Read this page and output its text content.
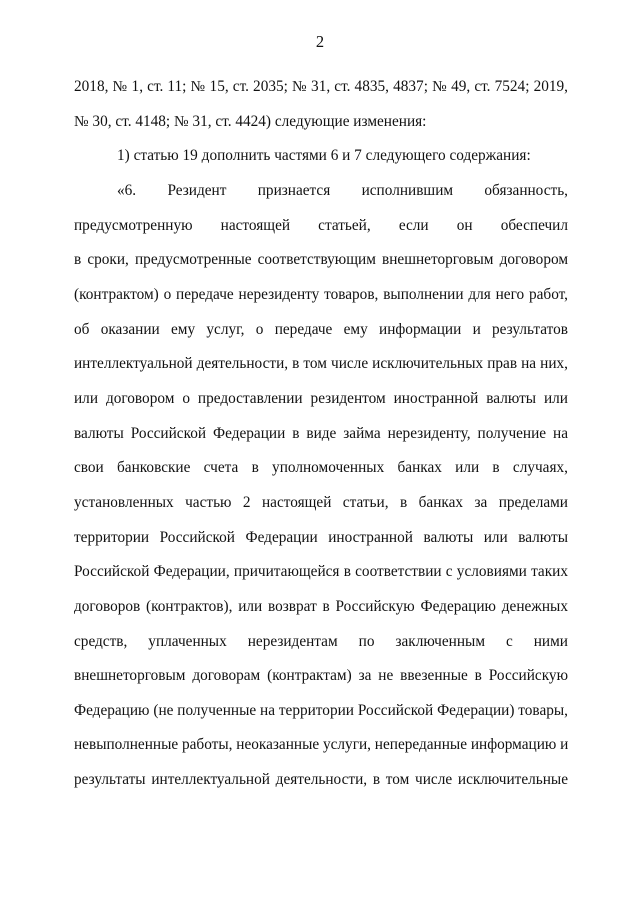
2
2018, № 1, ст. 11; № 15, ст. 2035; № 31, ст. 4835, 4837; № 49, ст. 7524; 2019,
№ 30, ст. 4148; № 31, ст. 4424) следующие изменения:
1) статью 19 дополнить частями 6 и 7 следующего содержания:
«6. Резидент признается исполнившим обязанность,
предусмотренную настоящей статьей, если он обеспечил
в сроки, предусмотренные соответствующим внешнеторговым договором
(контрактом) о передаче нерезиденту товаров, выполнении для него работ,
об оказании ему услуг, о передаче ему информации и результатов
интеллектуальной деятельности, в том числе исключительных прав на них,
или договором о предоставлении резидентом иностранной валюты или
валюты Российской Федерации в виде займа нерезиденту, получение на
свои банковские счета в уполномоченных банках или в случаях,
установленных частью 2 настоящей статьи, в банках за пределами
территории Российской Федерации иностранной валюты или валюты
Российской Федерации, причитающейся в соответствии с условиями таких
договоров (контрактов), или возврат в Российскую Федерацию денежных
средств, уплаченных нерезидентам по заключенным с ними
внешнеторговым договорам (контрактам) за не ввезенные в Российскую
Федерацию (не полученные на территории Российской Федерации) товары,
невыполненные работы, неоказанные услуги, непереданные информацию и
результаты интеллектуальной деятельности, в том числе исключительные
